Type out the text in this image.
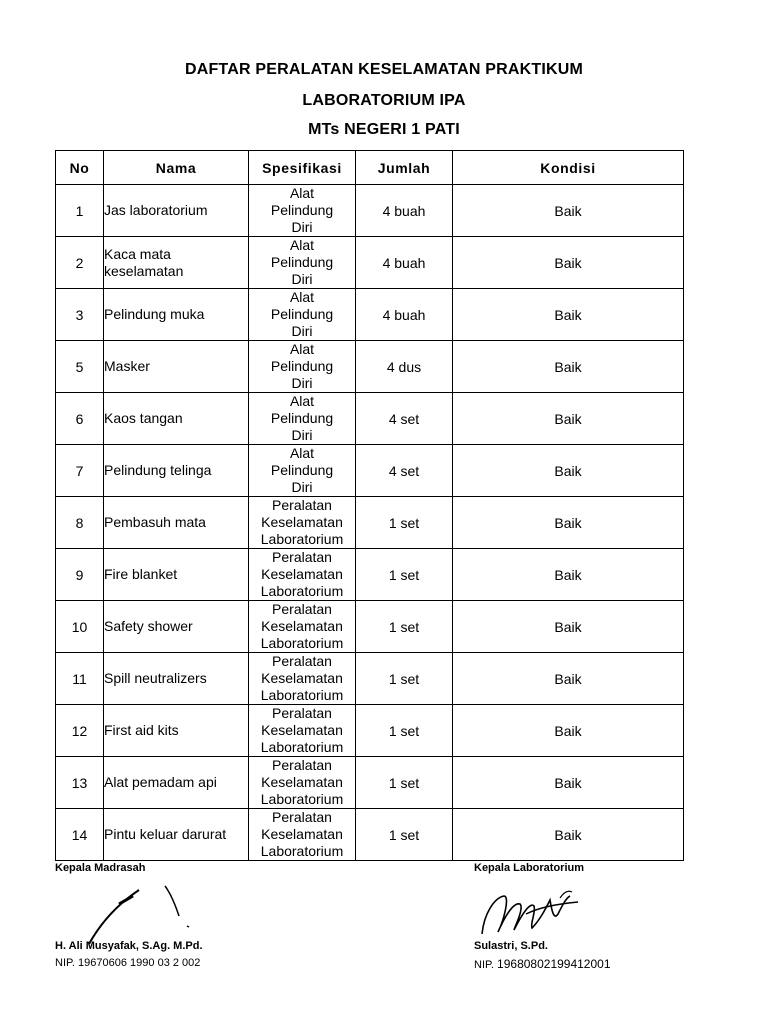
DAFTAR PERALATAN KESELAMATAN PRAKTIKUM
LABORATORIUM IPA
MTs NEGERI 1 PATI
No	Nama	Spesifikasi	Jumlah	Kondisi
1	Jas laboratorium	Alat
Pelindung
Diri	4 buah	Baik
2	Kaca mata keselamatan	Alat
Pelindung
Diri	4 buah	Baik
3	Pelindung muka	Alat
Pelindung
Diri	4 buah	Baik
5	Masker	Alat
Pelindung
Diri	4 dus	Baik
6	Kaos tangan	Alat
Pelindung
Diri	4 set	Baik
7	Pelindung telinga	Alat
Pelindung
Diri	4 set	Baik
8	Pembasuh mata	Peralatan
Keselamatan
Laboratorium	1 set	Baik
9	Fire blanket	Peralatan
Keselamatan
Laboratorium	1 set	Baik
10	Safety shower	Peralatan
Keselamatan
Laboratorium	1 set	Baik
11	Spill neutralizers	Peralatan
Keselamatan
Laboratorium	1 set	Baik
12	First aid kits	Peralatan
Keselamatan
Laboratorium	1 set	Baik
13	Alat pemadam api	Peralatan
Keselamatan
Laboratorium	1 set	Baik
14	Pintu keluar darurat	Peralatan
Keselamatan
Laboratorium	1 set	Baik
Kepala Madrasah
H. Ali Musyafak, S.Ag. M.Pd.
NIP. 19670606 1990 03 2 002
Kepala Laboratorium
Sulastri, S.Pd.
NIP. 19680802199412001
